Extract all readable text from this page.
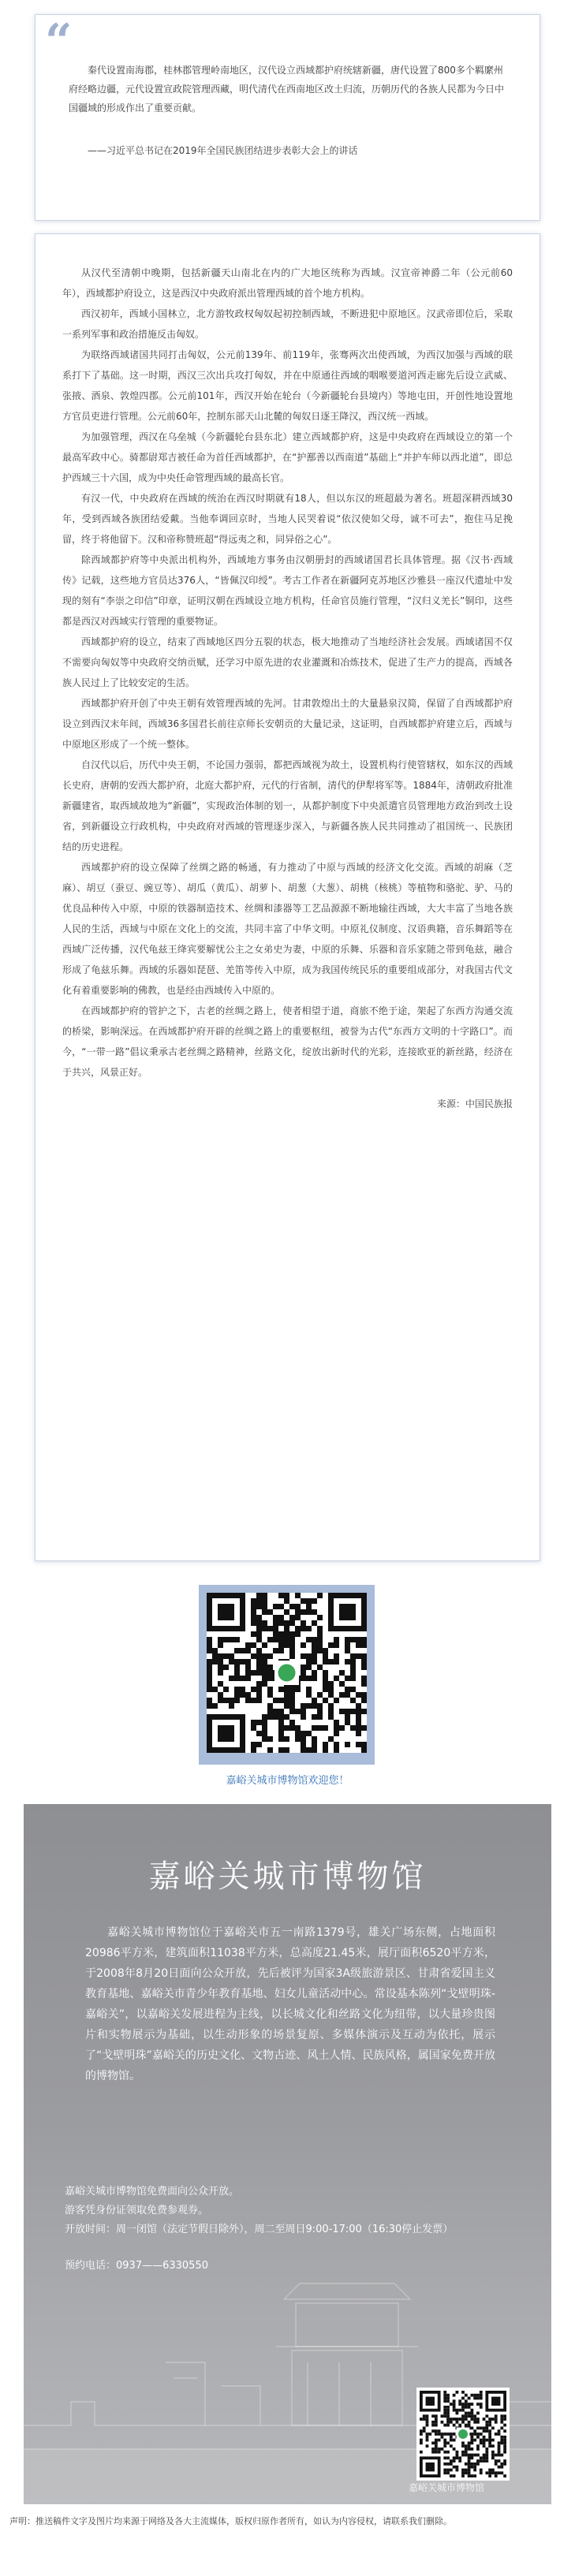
“

秦代设置南海郡，桂林郡管理岭南地区，汉代设立西域都护府统辖新疆，唐代设置了800多个羁縻州府经略边疆，元代设置宣政院管理西藏，明代清代在西南地区改土归流，历朝历代的各族人民都为今日中国疆域的形成作出了重要贡献。

——习近平总书记在2019年全国民族团结进步表彰大会上的讲话

从汉代至清朝中晚期，包括新疆天山南北在内的广大地区统称为西域。汉宣帝神爵二年（公元前60年），西域都护府设立，这是西汉中央政府派出管理西域的首个地方机构。

西汉初年，西域小国林立，北方游牧政权匈奴起初控制西域，不断进犯中原地区。汉武帝即位后，采取一系列军事和政治措施反击匈奴。

为联络西域诸国共同打击匈奴，公元前139年、前119年，张骞两次出使西域，为西汉加强与西域的联系打下了基础。这一时期，西汉三次出兵攻打匈奴，并在中原通往西域的咽喉要道河西走廊先后设立武威、张掖、酒泉、敦煌四郡。公元前101年，西汉开始在轮台（今新疆轮台县境内）等地屯田，开创性地设置地方官员吏进行管理。公元前60年，控制东部天山北麓的匈奴日逐王降汉，西汉统一西域。

为加强管理，西汉在乌垒城（今新疆轮台县东北）建立西域都护府，这是中央政府在西域设立的第一个最高军政中心。骑都尉郑吉被任命为首任西域都护，在“护鄯善以西南道”基础上“并护车师以西北道”，即总护西域三十六国，成为中央任命管理西域的最高长官。

有汉一代，中央政府在西域的统治在西汉时期就有18人，但以东汉的班超最为著名。班超深耕西域30年，受到西域各族团结爱戴。当他奉调回京时，当地人民哭着说“依汉使如父母，诚不可去”，抱住马足挽留，终于将他留下。汉和帝称赞班超“得远夷之和，同异俗之心”。

除西域都护府等中央派出机构外，西域地方事务由汉朝册封的西域诸国君长具体管理。据《汉书·西域传》记载，这些地方官员达376人，“皆佩汉印绶”。考古工作者在新疆阿克苏地区沙雅县一座汉代遗址中发现的刻有“李崇之印信”印章，证明汉朝在西域设立地方机构，任命官员施行管理，“汉归义羌长”铜印，这些都是西汉对西域实行管理的重要物证。

西域都护府的设立，结束了西域地区四分五裂的状态，极大地推动了当地经济社会发展。西域诸国不仅不需要向匈奴等中央政府交纳贡赋，还学习中原先进的农业灌溉和冶炼技术，促进了生产力的提高，西域各族人民过上了比较安定的生活。

西域都护府开创了中央王朝有效管理西域的先河。甘肃敦煌出土的大量悬泉汉简，保留了自西域都护府设立到西汉末年间，西域36多国君长前往京师长安朝贡的大量记录，这证明，自西域都护府建立后，西域与中原地区形成了一个统一整体。

自汉代以后，历代中央王朝，不论国力强弱，都把西域视为故土，设置机构行使管辖权，如东汉的西域长史府，唐朝的安西大都护府，北庭大都护府，元代的行省制，清代的伊犁将军等。1884年，清朝政府批准新疆建省，取西域故地为“新疆”，实现政治体制的划一，从都护制度下中央派遣官员管理地方政治到改土设省，到新疆设立行政机构，中央政府对西域的管理逐步深入，与新疆各族人民共同推动了祖国统一、民族团结的历史进程。

西域都护府的设立保障了丝绸之路的畅通，有力推动了中原与西域的经济文化交流。西域的胡麻（芝麻）、胡豆（蚕豆、豌豆等）、胡瓜（黄瓜）、胡萝卜、胡葱（大葱）、胡桃（核桃）等植物和骆驼、驴、马的优良品种传入中原，中原的铁器制造技术、丝绸和漆器等工艺品源源不断地输往西域，大大丰富了当地各族人民的生活，西域与中原在文化上的交流，共同丰富了中华文明。中原礼仪制度、汉语典籍，音乐舞蹈等在西域广泛传播，汉代龟兹王绛宾要解忧公主之女弟史为妻，中原的乐舞、乐器和音乐家随之带到龟兹，融合形成了龟兹乐舞。西域的乐器如琵琶、羌笛等传入中原，成为我国传统民乐的重要组成部分，对我国古代文化有着重要影响的佛教，也是经由西域传入中原的。

在西域都护府的管护之下，古老的丝绸之路上，使者相望于道，商旅不绝于途，架起了东西方沟通交流的桥梁，影响深远。在西域都护府开辟的丝绸之路上的重要枢纽，被誉为古代“东西方文明的十字路口”。而今，“一带一路”倡议秉承古老丝绸之路精神，丝路文化，绽放出新时代的光彩，连接欧亚的新丝路，经济在于共兴，风景正好。

来源：中国民族报

嘉峪关城市博物馆欢迎您！
嘉峪关城市博物馆

嘉峪关城市博物馆位于嘉峪关市五一南路1379号，雄关广场东侧，占地面积20986平方米，建筑面积11038平方米，总高度21.45米，展厅面积6520平方米，于2008年8月20日面向公众开放，先后被评为国家3A级旅游景区、甘肃省爱国主义教育基地、嘉峪关市青少年教育基地、妇女儿童活动中心。常设基本陈列“戈壁明珠-嘉峪关”，以嘉峪关发展进程为主线，以长城文化和丝路文化为纽带，以大量珍贵图片和实物展示为基础，以生动形象的场景复原、多媒体演示及互动为依托，展示了“戈壁明珠”嘉峪关的历史文化、文物古迹、风土人情、民族风格，属国家免费开放的博物馆。

嘉峪关城市博物馆免费面向公众开放。
游客凭身份证领取免费参观券。
开放时间：周一闭馆（法定节假日除外），周二至周日9:00-17:00（16:30停止发票）
预约电话：0937——6330550
嘉峪关城市博物馆

声明：推送稿件文字及图片均来源于网络及各大主流媒体，版权归原作者所有，如认为内容侵权，请联系我们删除。
